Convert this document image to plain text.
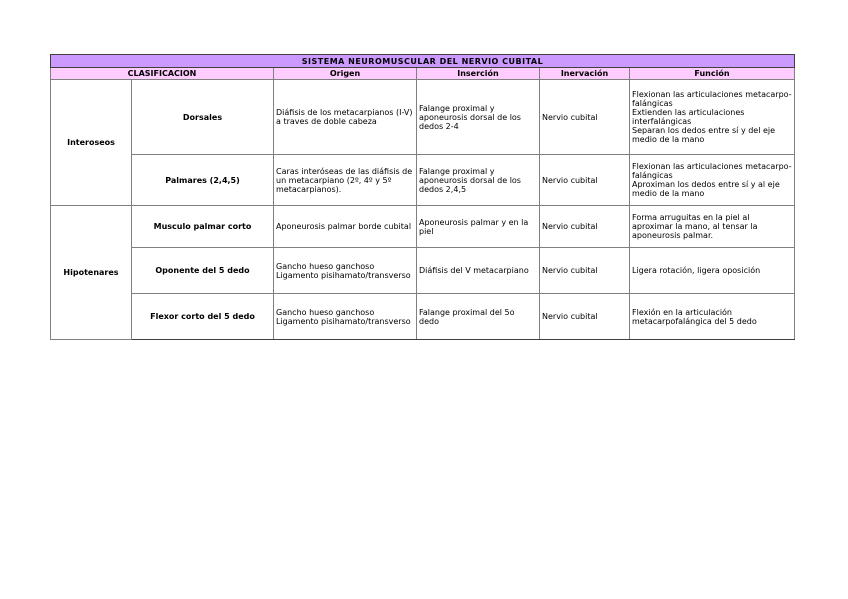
SISTEMA NEUROMUSCULAR DEL NERVIO CUBITAL					
CLASIFICACION		Origen	Inserción	Inervación	Función
Interoseos	Dorsales	Diáfisis de los metacarpianos (I-V) a traves de doble cabeza	Falange proximal y aponeurosis dorsal de los dedos 2-4	Nervio cubital	Flexionan las articulaciones metacarpo-falángicas
Extienden las articulaciones interfalángicas
Separan los dedos entre sí y del eje medio de la mano
	Palmares (2,4,5)	Caras interóseas de las diáfisis de un metacarpiano (2º, 4º y 5º metacarpianos).	Falange proximal y aponeurosis dorsal de los dedos 2,4,5	Nervio cubital	Flexionan las articulaciones metacarpo-falángicas
Aproximan los dedos entre sí y al eje medio de la mano
Hipotenares	Musculo palmar corto	Aponeurosis palmar borde cubital	Aponeurosis palmar y en la piel	Nervio cubital	Forma arruguitas en la piel al aproximar la mano, al tensar la aponeurosis palmar.
	Oponente del 5 dedo	Gancho hueso ganchoso
Ligamento pisihamato/transverso	Diáfisis del V metacarpiano	Nervio cubital	Ligera rotación, ligera oposición
	Flexor corto del 5 dedo	Gancho hueso ganchoso
Ligamento pisihamato/transverso	Falange proximal del 5o dedo	Nervio cubital	Flexión en la articulación metacarpofalángica del 5 dedo
